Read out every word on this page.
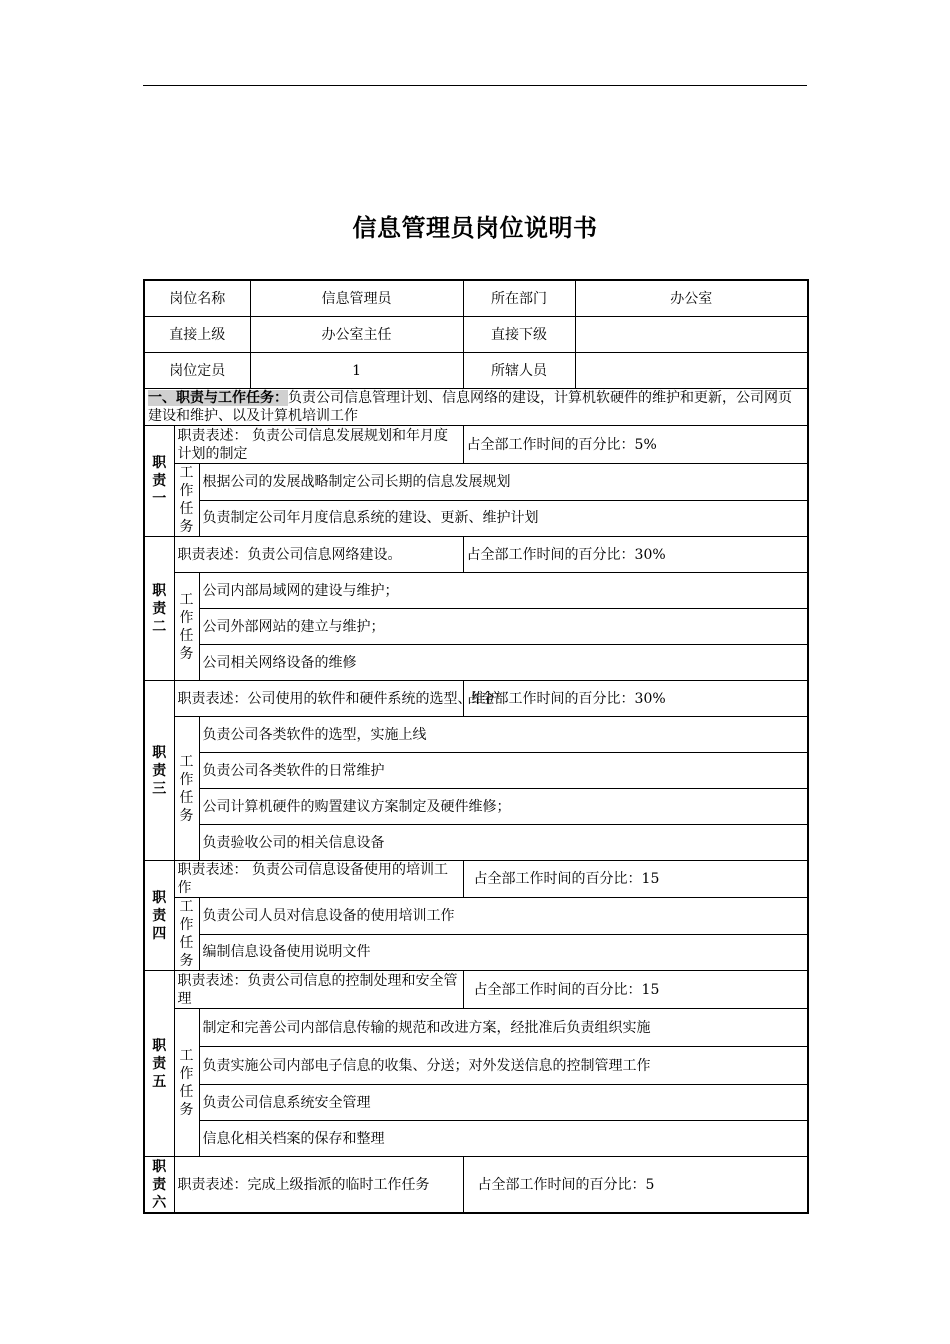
信息管理员岗位说明书
岗位名称			信息管理员	所在部门	办公室
直接上级			办公室主任	直接下级	
岗位定员			1	所辖人员	
一、职责与工作任务：负责公司信息管理计划、信息网络的建设，计算机软硬件的维护和更新，公司网页建设和维护、以及计算机培训工作					

职责一	职责表述： 负责公司信息发展规划和年月度计划的制定			占全部工作时间的百分比：5%	

	工作任务	根据公司的发展战略制定公司长期的信息发展规划			
		负责制定公司年月度信息系统的建设、更新、维护计划			

职责二	职责表述：负责公司信息网络建设。			占全部工作时间的百分比：30%	

	工作任务	公司内部局域网的建设与维护；			
		公司外部网站的建立与维护；			
		公司相关网络设备的维修			

职责三	职责表述：公司使用的软件和硬件系统的选型、维护			占全部工作时间的百分比：30%	

	工作任务	负责公司各类软件的选型，实施上线			
		负责公司各类软件的日常维护			
		公司计算机硬件的购置建议方案制定及硬件维修；			
		负责验收公司的相关信息设备			

职责四	职责表述： 负责公司信息设备使用的培训工作			占全部工作时间的百分比：15	

	工作任务	负责公司人员对信息设备的使用培训工作			
		编制信息设备使用说明文件			

职责五	职责表述：负责公司信息的控制处理和安全管理			占全部工作时间的百分比：15	

	工作任务	制定和完善公司内部信息传输的规范和改进方案，经批准后负责组织实施			
		负责实施公司内部电子信息的收集、分送；对外发送信息的控制管理工作			
		负责公司信息系统安全管理			
		信息化相关档案的保存和整理			

职责六	职责表述：完成上级指派的临时工作任务			占全部工作时间的百分比：5	
